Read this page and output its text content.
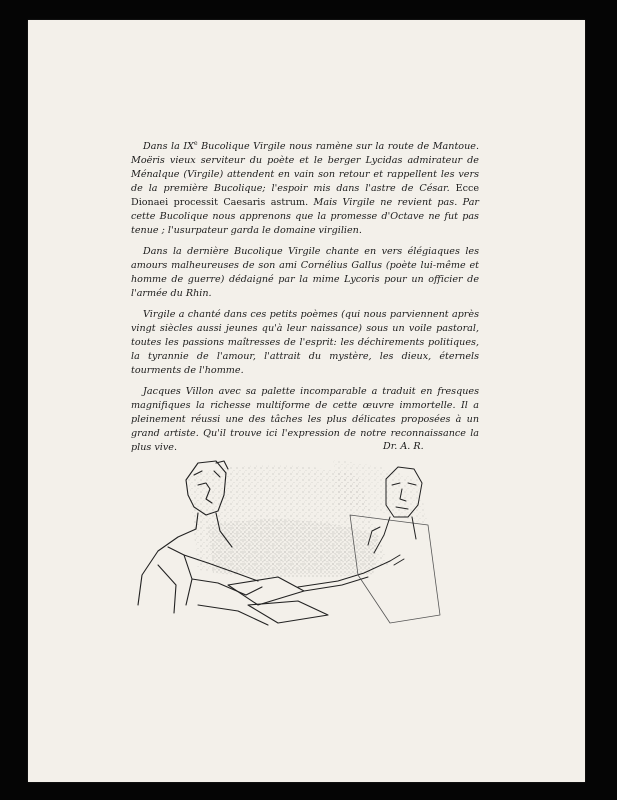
Dans la IXe Bucolique Virgile nous ramène sur la route de Mantoue. Moëris vieux serviteur du poète et le berger Lycidas admirateur de Ménalque (Virgile) attendent en vain son retour et rappellent les vers de la première Bucolique; l'espoir mis dans l'astre de César. Ecce Dionaei processit Caesaris astrum. Mais Virgile ne revient pas. Par cette Bucolique nous apprenons que la promesse d'Octave ne fut pas tenue ; l'usurpateur garda le domaine virgilien.

Dans la dernière Bucolique Virgile chante en vers élégiaques les amours malheureuses de son ami Cornélius Gallus (poète lui-même et homme de guerre) dédaigné par la mime Lycoris pour un officier de l'armée du Rhin.

Virgile a chanté dans ces petits poèmes (qui nous parviennent après vingt siècles aussi jeunes qu'à leur naissance) sous un voile pastoral, toutes les passions maîtresses de l'esprit: les déchirements politiques, la tyrannie de l'amour, l'attrait du mystère, les dieux, éternels tourments de l'homme.

Jacques Villon avec sa palette incomparable a traduit en fresques magnifiques la richesse multiforme de cette œuvre immortelle. Il a pleinement réussi une des tâches les plus délicates proposées à un grand artiste. Qu'il trouve ici l'expression de notre reconnaissance la plus vive.	Dr. A. R.
